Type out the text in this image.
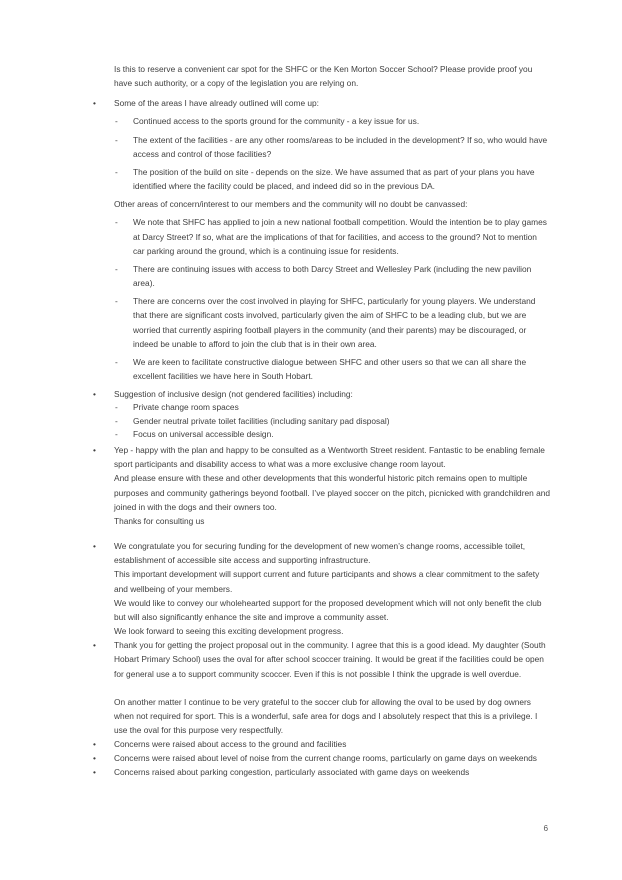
Is this to reserve a convenient car spot for the SHFC or the Ken Morton Soccer School? Please provide proof you have such authority, or a copy of the legislation you are relying on.
•	Some of the areas I have already outlined will come up:
-	Continued access to the sports ground for the community - a key issue for us.
-	The extent of the facilities - are any other rooms/areas to be included in the development? If so, who would have access and control of those facilities?
-	The position of the build on site - depends on the size. We have assumed that as part of your plans you have identified where the facility could be placed, and indeed did so in the previous DA.
Other areas of concern/interest to our members and the community will no doubt be canvassed:
-	We note that SHFC has applied to join a new national football competition. Would the intention be to play games at Darcy Street? If so, what are the implications of that for facilities, and access to the ground? Not to mention car parking around the ground, which is a continuing issue for residents.
-	There are continuing issues with access to both Darcy Street and Wellesley Park (including the new pavilion area).
-	There are concerns over the cost involved in playing for SHFC, particularly for young players. We understand that there are significant costs involved, particularly given the aim of SHFC to be a leading club, but we are worried that currently aspiring football players in the community (and their parents) may be discouraged, or indeed be unable to afford to join the club that is in their own area.
-	We are keen to facilitate constructive dialogue between SHFC and other users so that we can all share the excellent facilities we have here in South Hobart.
•	Suggestion of inclusive design (not gendered facilities) including:
-	Private change room spaces
-	Gender neutral private toilet facilities (including sanitary pad disposal)
-	Focus on universal accessible design.
•	Yep - happy with the plan and happy to be consulted as a Wentworth Street resident. Fantastic to be enabling female sport participants and disability access to what was a more exclusive change room layout.
And please ensure with these and other developments that this wonderful historic pitch remains open to multiple purposes and community gatherings beyond football. I’ve played soccer on the pitch, picnicked with grandchildren and joined in with the dogs and their owners too.
Thanks for consulting us
•	We congratulate you for securing funding for the development of new women’s change rooms, accessible toilet, establishment of accessible site access and supporting infrastructure.
This important development will support current and future participants and shows a clear commitment to the safety and wellbeing of your members.
We would like to convey our wholehearted support for the proposed development which will not only benefit the club but will also significantly enhance the site and improve a community asset.
We look forward to seeing this exciting development progress.
•	Thank you for getting the project proposal out in the community. I agree that this is a good idead. My daughter (South Hobart Primary School) uses the oval for after school scoccer training. It would be great if the facilities could be open for general use a to support community scoccer. Even if this is not possible I think the upgrade is well overdue.
On another matter I continue to be very grateful to the soccer club for allowing the oval to be used by dog owners when not required for sport. This is a wonderful, safe area for dogs and I absolutely respect that this is a privilege. I use the oval for this purpose very respectfully.
•	Concerns were raised about access to the ground and facilities
•	Concerns were raised about level of noise from the current change rooms, particularly on game days on weekends
•	Concerns raised about parking congestion, particularly associated with game days on weekends
6
